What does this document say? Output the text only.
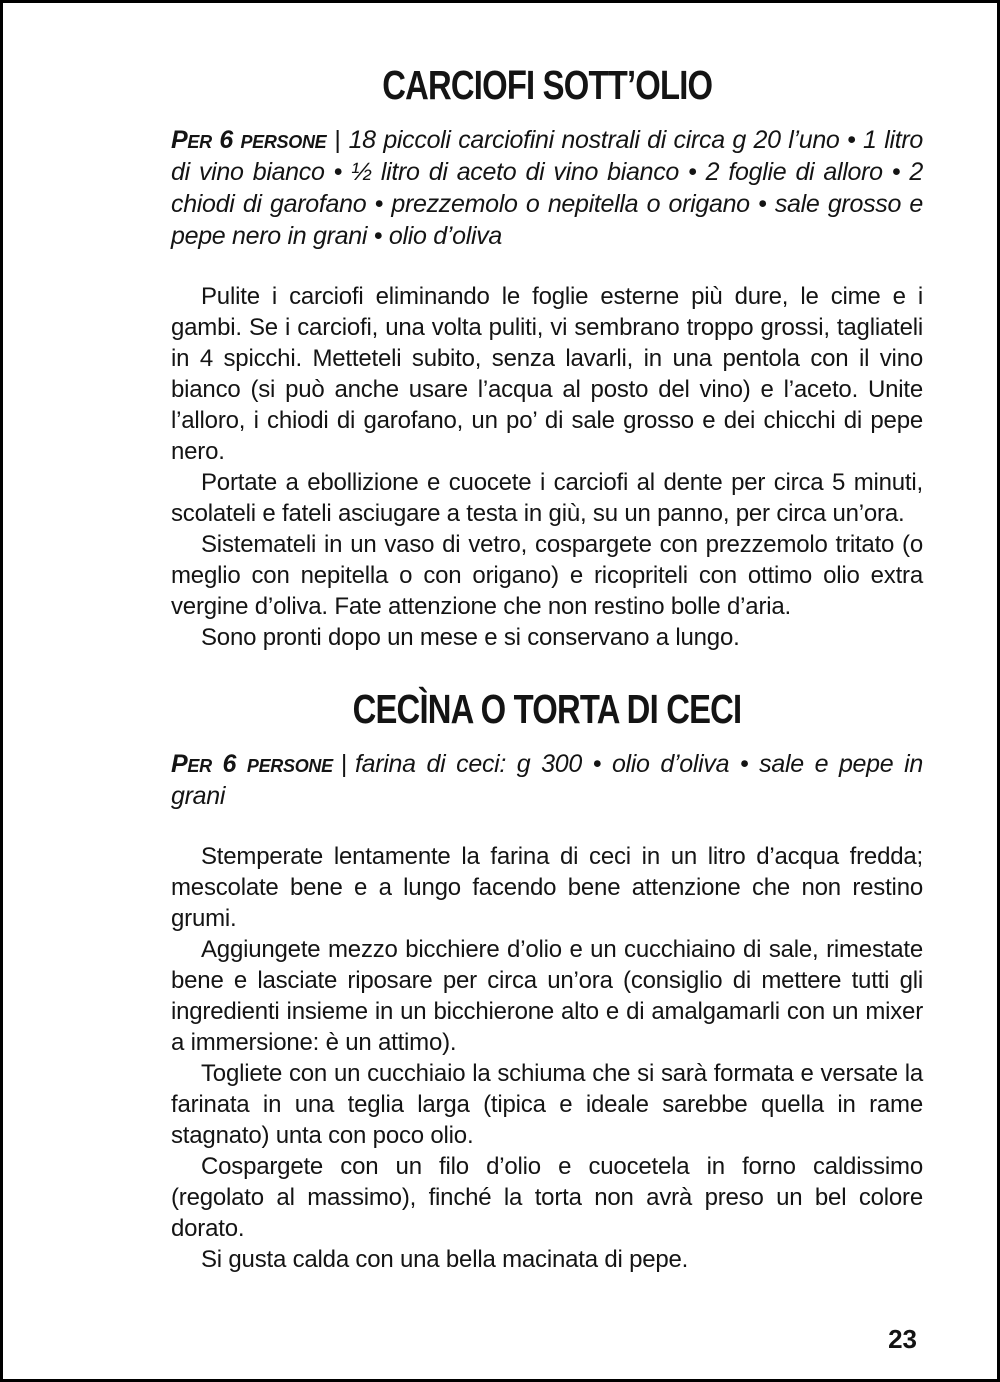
CARCIOFI SOTT’OLIO

Per 6 persone | 18 piccoli carciofini nostrali di circa g 20 l’uno • 1 litro di vino bianco • ½ litro di aceto di vino bianco • 2 foglie di alloro • 2 chiodi di garofano • prezzemolo o nepitella o origano • sale grosso e pepe nero in grani • olio d’oliva

Pulite i carciofi eliminando le foglie esterne più dure, le cime e i gambi. Se i carciofi, una volta puliti, vi sembrano troppo grossi, tagliateli in 4 spicchi. Metteteli subito, senza lavarli, in una pentola con il vino bianco (si può anche usare l’acqua al posto del vino) e l’aceto. Unite l’alloro, i chiodi di garofano, un po’ di sale grosso e dei chicchi di pepe nero.

Portate a ebollizione e cuocete i carciofi al dente per circa 5 minuti, scolateli e fateli asciugare a testa in giù, su un panno, per circa un’ora.

Sistemateli in un vaso di vetro, cospargete con prezzemolo tritato (o meglio con nepitella o con origano) e ricopriteli con ottimo olio extra vergine d’oliva. Fate attenzione che non restino bolle d’aria.

Sono pronti dopo un mese e si conservano a lungo.

CECÌNA O TORTA DI CECI

Per 6 persone | farina di ceci: g 300 • olio d’oliva • sale e pepe in grani

Stemperate lentamente la farina di ceci in un litro d’acqua fredda; mescolate bene e a lungo facendo bene attenzione che non restino grumi.

Aggiungete mezzo bicchiere d’olio e un cucchiaino di sale, rimestate bene e lasciate riposare per circa un’ora (consiglio di mettere tutti gli ingredienti insieme in un bicchierone alto e di amalgamarli con un mixer a immersione: è un attimo).

Togliete con un cucchiaio la schiuma che si sarà formata e versate la farinata in una teglia larga (tipica e ideale sarebbe quella in rame stagnato) unta con poco olio.

Cospargete con un filo d’olio e cuocetela in forno caldissimo (regolato al massimo), finché la torta non avrà preso un bel colore dorato.

Si gusta calda con una bella macinata di pepe.

23
